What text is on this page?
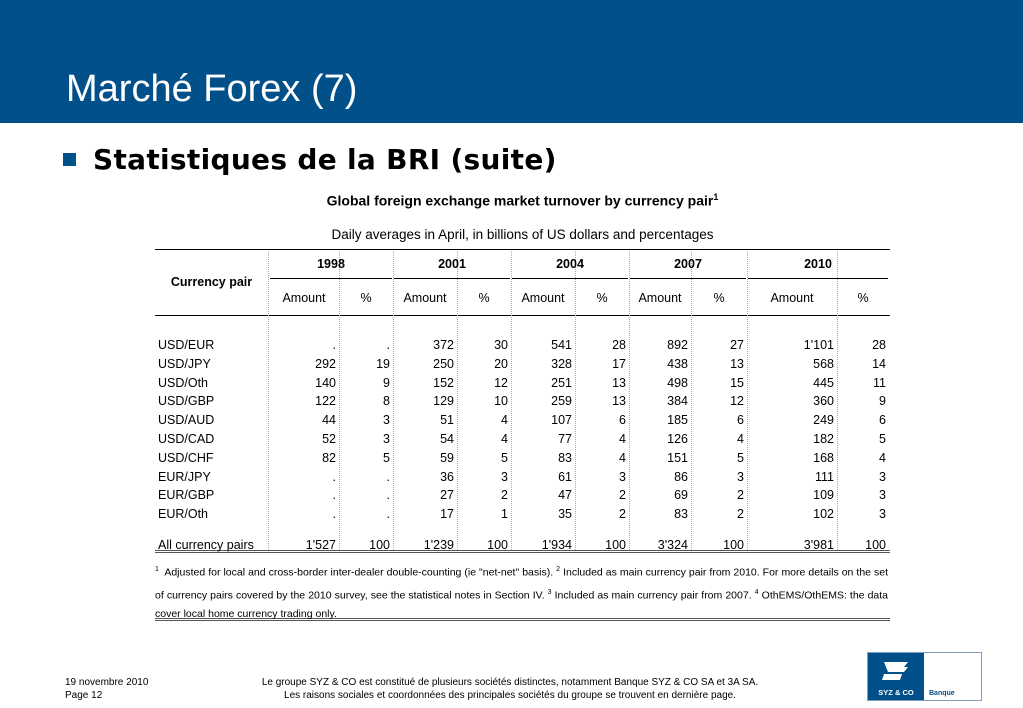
Marché Forex (7)
Statistiques de la BRI (suite)
Global foreign exchange market turnover by currency pair$^1$
Daily averages in April, in billions of US dollars and percentages
Currency pair
1998	2001	2004	2007	2010
Amount	%	Amount	%	Amount	%	Amount	%	Amount	%
USD/EUR	.	.	372	30	541	28	892	27	1'101	28
USD/JPY	292	19	250	20	328	17	438	13	568	14
USD/Oth	140	9	152	12	251	13	498	15	445	11
USD/GBP	122	8	129	10	259	13	384	12	360	9
USD/AUD	44	3	51	4	107	6	185	6	249	6
USD/CAD	52	3	54	4	77	4	126	4	182	5
USD/CHF	82	5	59	5	83	4	151	5	168	4
EUR/JPY	.	.	36	3	61	3	86	3	111	3
EUR/GBP	.	.	27	2	47	2	69	2	109	3
EUR/Oth	.	.	17	1	35	2	83	2	102	3
All currency pairs	1'527	100	1'239	100	1'934	100	3'324	100	3'981	100
$^1$ Adjusted for local and cross-border inter-dealer double-counting (ie "net-net" basis). $^2$ Included as main currency pair from 2010. For more details on the set of currency pairs covered by the 2010 survey, see the statistical notes in Section IV. $^3$ Included as main currency pair from 2007. $^4$ OthEMS/OthEMS: the data cover local home currency trading only.
19 novembre 2010
Page 12
Le groupe SYZ & CO est constitué de plusieurs sociétés distinctes, notamment Banque SYZ & CO SA et 3A SA.
Les raisons sociales et coordonnées des principales sociétés du groupe se trouvent en dernière page.	SYZ & CO	Banque
